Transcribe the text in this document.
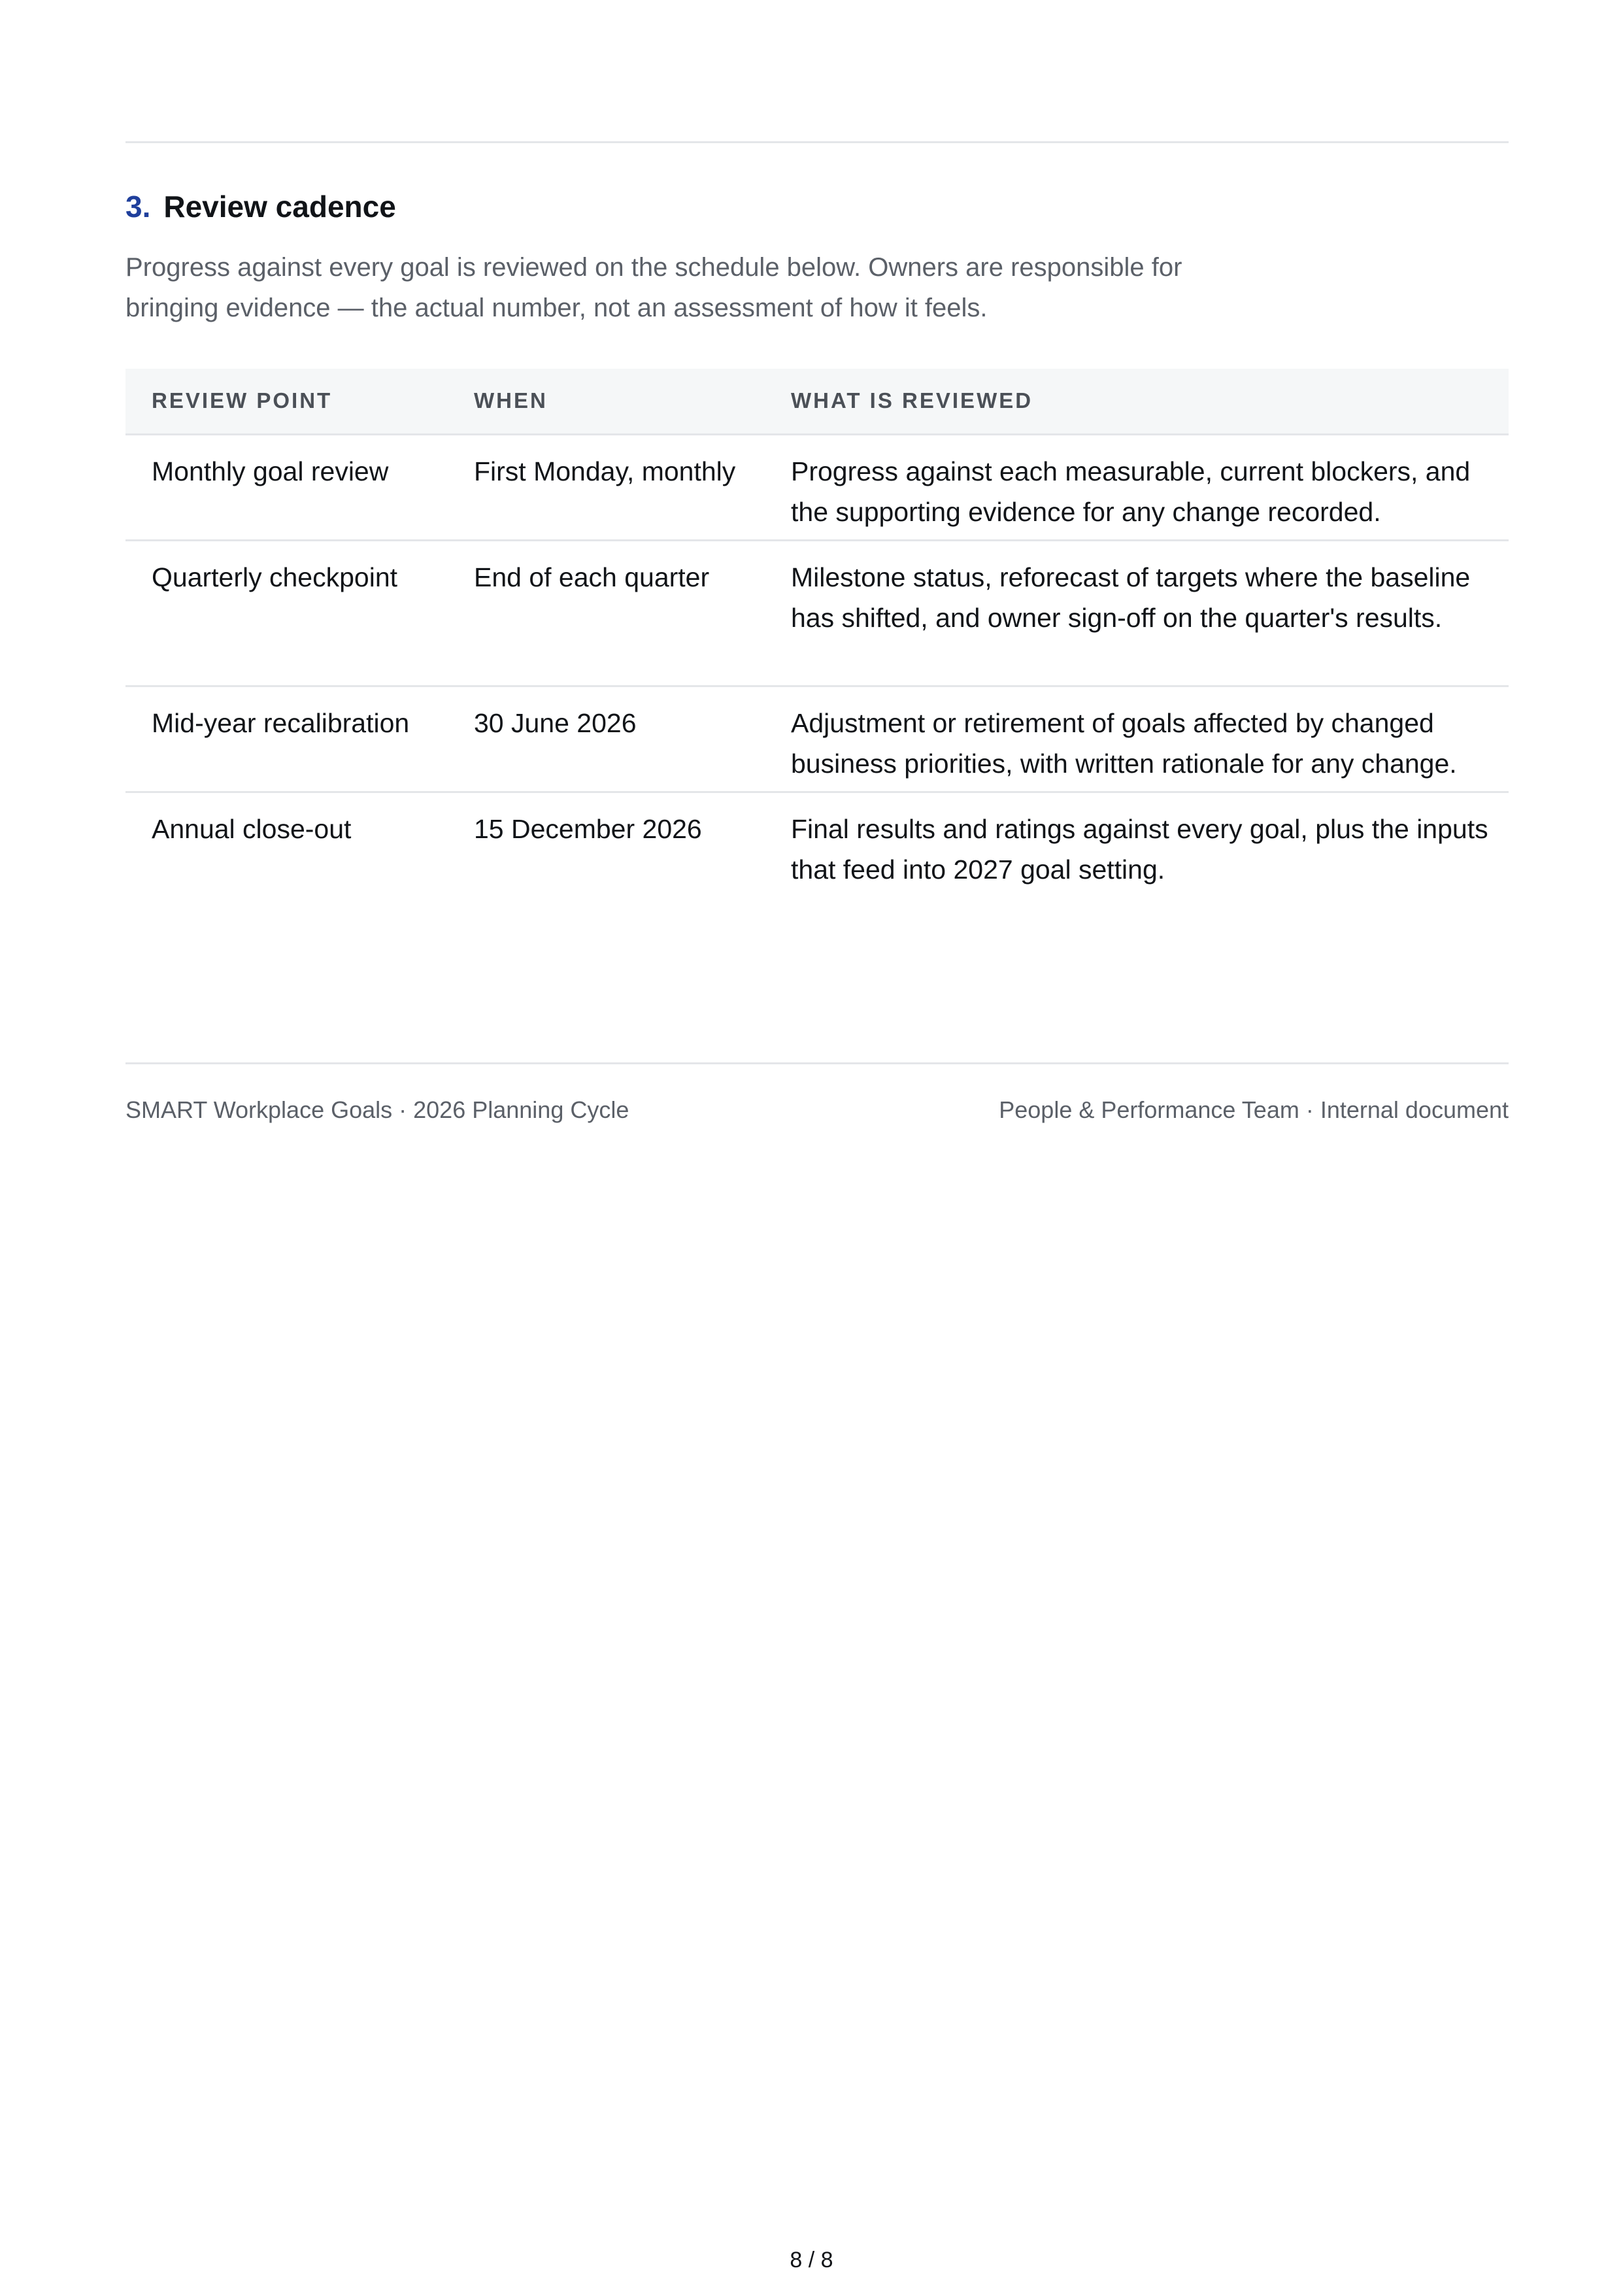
3. Review cadence
Progress against every goal is reviewed on the schedule below. Owners are responsible for
bringing evidence — the actual number, not an assessment of how it feels.
REVIEW POINT	WHEN	WHAT IS REVIEWED
Monthly goal review	First Monday, monthly	Progress against each measurable, current blockers, and the supporting evidence for any change recorded.
Quarterly checkpoint	End of each quarter	Milestone status, reforecast of targets where the baseline has shifted, and owner sign-off on the quarter's results.
Mid-year recalibration	30 June 2026	Adjustment or retirement of goals affected by changed business priorities, with written rationale for any change.
Annual close-out	15 December 2026	Final results and ratings against every goal, plus the inputs that feed into 2027 goal setting.
SMART Workplace Goals · 2026 Planning Cycle	People & Performance Team · Internal document
8 / 8
